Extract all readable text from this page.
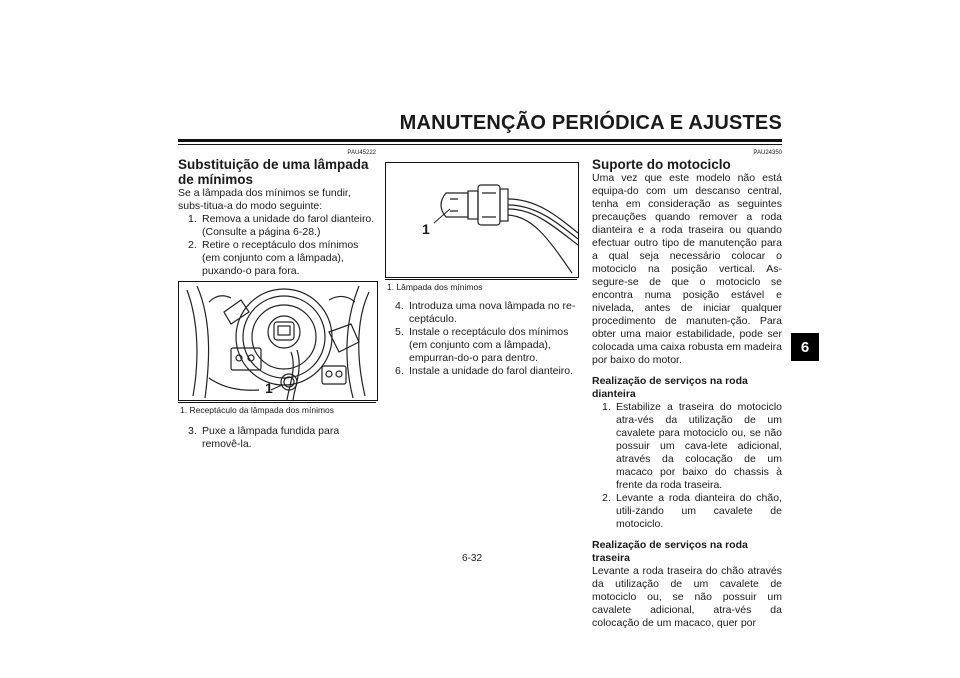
MANUTENÇÃO PERIÓDICA E AJUSTES
6
PAU45222

Substituição de uma lâmpada de mínimos

Se a lâmpada dos mínimos se fundir, subs-titua-a do modo seguinte:

1. Remova a unidade do farol dianteiro. (Consulte a página 6-28.)
2. Retire o receptáculo dos mínimos (em conjunto com a lâmpada), puxando-o para fora.
1
1. Receptáculo da lâmpada dos mínimos
3. Puxe a lâmpada fundida para removê-la.
1
1. Lâmpada dos mínimos
4. Introduza uma nova lâmpada no re-ceptáculo.
5. Instale o receptáculo dos mínimos (em conjunto com a lâmpada), empurran-do-o para dentro.
6. Instale a unidade do farol dianteiro.
PAU24350

Suporte do motociclo

Uma vez que este modelo não está equipa-do com um descanso central, tenha em consideração as seguintes precauções quando remover a roda dianteira e a roda traseira ou quando efectuar outro tipo de manutenção para a qual seja necessário colocar o motociclo na posição vertical. As-segure-se de que o motociclo se encontra numa posição estável e nivelada, antes de iniciar qualquer procedimento de manuten-ção. Para obter uma maior estabilidade, pode ser colocada uma caixa robusta em madeira por baixo do motor.

Realização de serviços na roda dianteira

1. Estabilize a traseira do motociclo atra-vés da utilização de um cavalete para motociclo ou, se não possuir um cava-lete adicional, através da colocação de um macaco por baixo do chassis à frente da roda traseira.
2. Levante a roda dianteira do chão, utili-zando um cavalete de motociclo.

Realização de serviços na roda traseira

Levante a roda traseira do chão através da utilização de um cavalete de motociclo ou, se não possuir um cavalete adicional, atra-vés da colocação de um macaco, quer por

6-32
